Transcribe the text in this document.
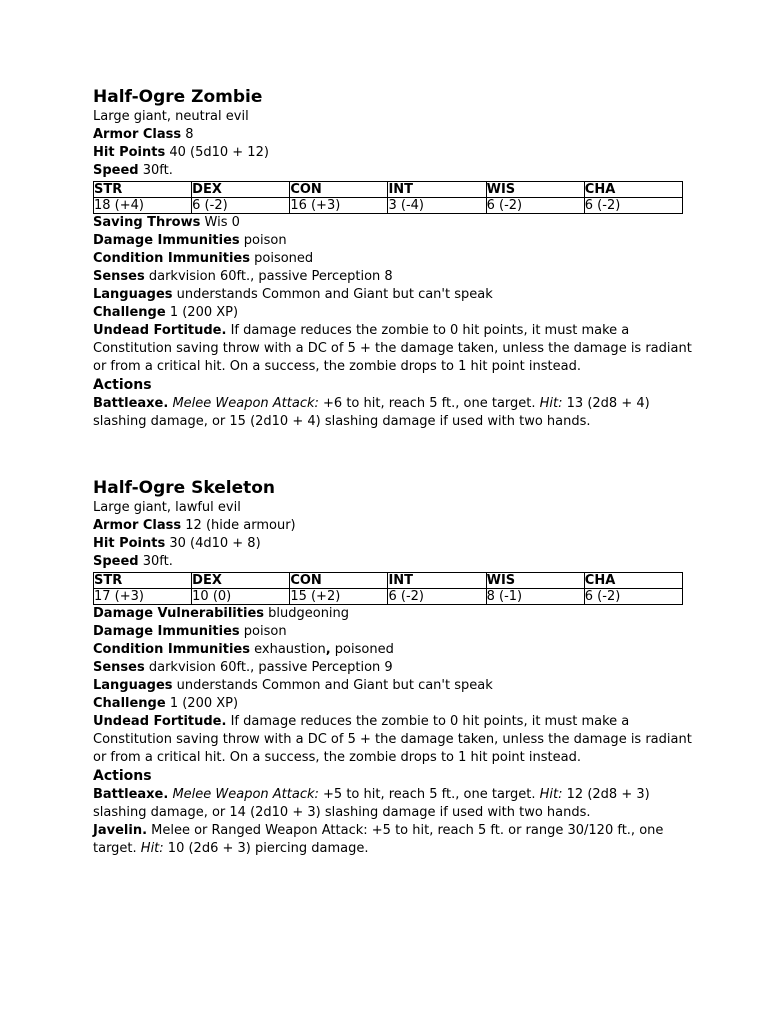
Half-Ogre Zombie

Large giant, neutral evil

Armor Class 8

Hit Points 40 (5d10 + 12)

Speed 30ft.

STR	DEX	CON	INT	WIS	CHA
18 (+4)	6 (-2)	16 (+3)	3 (-4)	6 (-2)	6 (-2)

Saving Throws Wis 0

Damage Immunities poison

Condition Immunities poisoned

Senses darkvision 60ft., passive Perception 8

Languages understands Common and Giant but can't speak

Challenge 1 (200 XP)

Undead Fortitude. If damage reduces the zombie to 0 hit points, it must make a Constitution saving throw with a DC of 5 + the damage taken, unless the damage is radiant or from a critical hit. On a success, the zombie drops to 1 hit point instead.

Actions

Battleaxe. Melee Weapon Attack: +6 to hit, reach 5 ft., one target. Hit: 13 (2d8 + 4) slashing damage, or 15 (2d10 + 4) slashing damage if used with two hands.

Half-Ogre Skeleton

Large giant, lawful evil

Armor Class 12 (hide armour)

Hit Points 30 (4d10 + 8)

Speed 30ft.

STR	DEX	CON	INT	WIS	CHA
17 (+3)	10 (0)	15 (+2)	6 (-2)	8 (-1)	6 (-2)

Damage Vulnerabilities bludgeoning

Damage Immunities poison

Condition Immunities exhaustion, poisoned

Senses darkvision 60ft., passive Perception 9

Languages understands Common and Giant but can't speak

Challenge 1 (200 XP)

Undead Fortitude. If damage reduces the zombie to 0 hit points, it must make a Constitution saving throw with a DC of 5 + the damage taken, unless the damage is radiant or from a critical hit. On a success, the zombie drops to 1 hit point instead.

Actions

Battleaxe. Melee Weapon Attack: +5 to hit, reach 5 ft., one target. Hit: 12 (2d8 + 3) slashing damage, or 14 (2d10 + 3) slashing damage if used with two hands.

Javelin. Melee or Ranged Weapon Attack: +5 to hit, reach 5 ft. or range 30/120 ft., one target. Hit: 10 (2d6 + 3) piercing damage.
